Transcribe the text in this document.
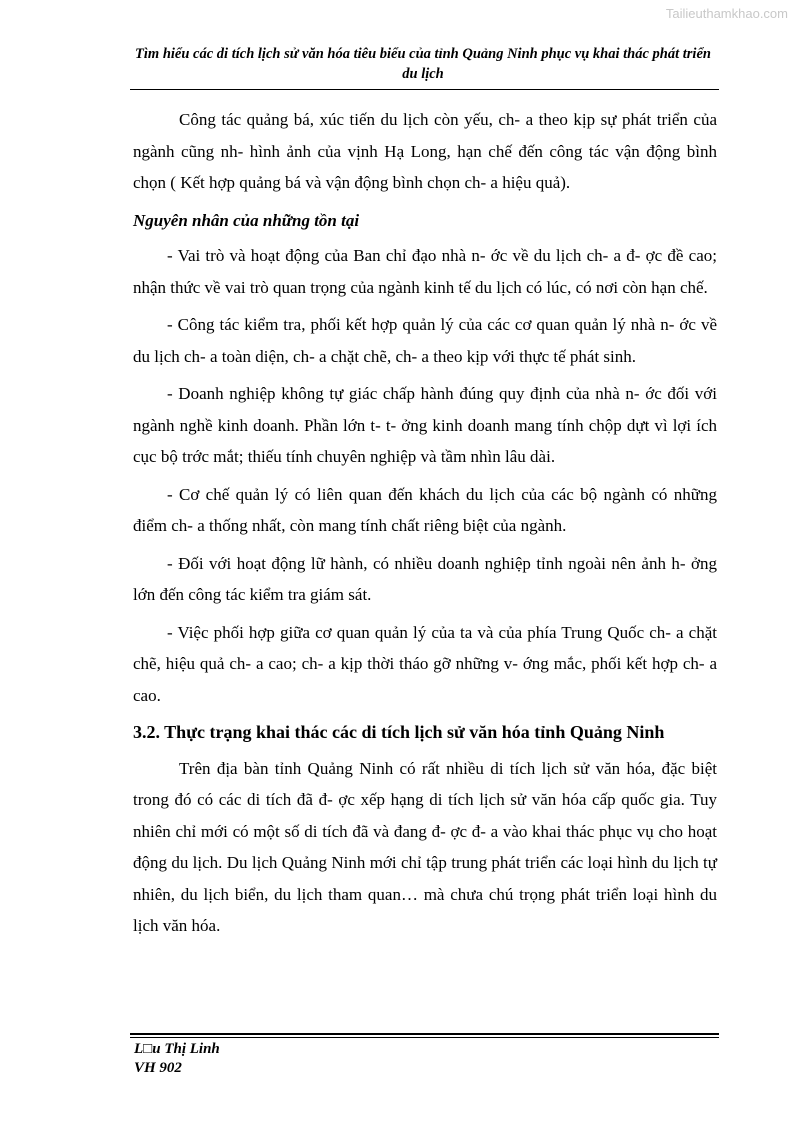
Tailieuthamkhao.com
Tìm hiểu các di tích lịch sử văn hóa tiêu biểu của tỉnh Quảng Ninh phục vụ khai thác phát triển du lịch

Công tác quảng bá, xúc tiến du lịch còn yếu, ch- a theo kịp sự phát triển của ngành cũng nh- hình ảnh của vịnh Hạ Long, hạn chế đến công tác vận động bình chọn ( Kết hợp quảng bá và vận động bình chọn ch- a hiệu quả).

Nguyên nhân của những tồn tại

- Vai trò và hoạt động của Ban chỉ đạo nhà n- ớc về du lịch ch- a đ- ợc đề cao; nhận thức về vai trò quan trọng của ngành kinh tế du lịch có lúc, có nơi còn hạn chế.

- Công tác kiểm tra, phối kết hợp quản lý của các cơ quan quản lý nhà n- ớc về du lịch ch- a toàn diện, ch- a chặt chẽ, ch- a theo kịp với thực tế phát sinh.

- Doanh nghiệp không tự giác chấp hành đúng quy định của nhà n- ớc đối với ngành nghề kinh doanh. Phần lớn t- t- ởng kinh doanh mang tính chộp dựt vì lợi ích cục bộ trớc mắt; thiếu tính chuyên nghiệp và tầm nhìn lâu dài.

- Cơ chế quản lý có liên quan đến khách du lịch của các bộ ngành có những điểm ch- a thống nhất, còn mang tính chất riêng biệt của ngành.

- Đối với hoạt động lữ hành, có nhiều doanh nghiệp tỉnh ngoài nên ảnh h- ởng lớn đến công tác kiểm tra giám sát.

- Việc phối hợp giữa cơ quan quản lý của ta và của phía Trung Quốc ch- a chặt chẽ, hiệu quả ch- a cao; ch- a kịp thời tháo gỡ những v- ớng mắc, phối kết hợp ch- a cao.

3.2. Thực trạng khai thác các di tích lịch sử văn hóa tỉnh Quảng Ninh

Trên địa bàn tỉnh Quảng Ninh có rất nhiều di tích lịch sử văn hóa, đặc biệt trong đó có các di tích đã đ- ợc xếp hạng di tích lịch sử văn hóa cấp quốc gia. Tuy nhiên chỉ mới có một số di tích đã và đang đ- ợc đ- a vào khai thác phục vụ cho hoạt động du lịch. Du lịch Quảng Ninh mới chỉ tập trung phát triển các loại hình du lịch tự nhiên, du lịch biển, du lịch tham quan… mà chưa chú trọng phát triển loại hình du lịch văn hóa.

L□u Thị Linh
VH 902
